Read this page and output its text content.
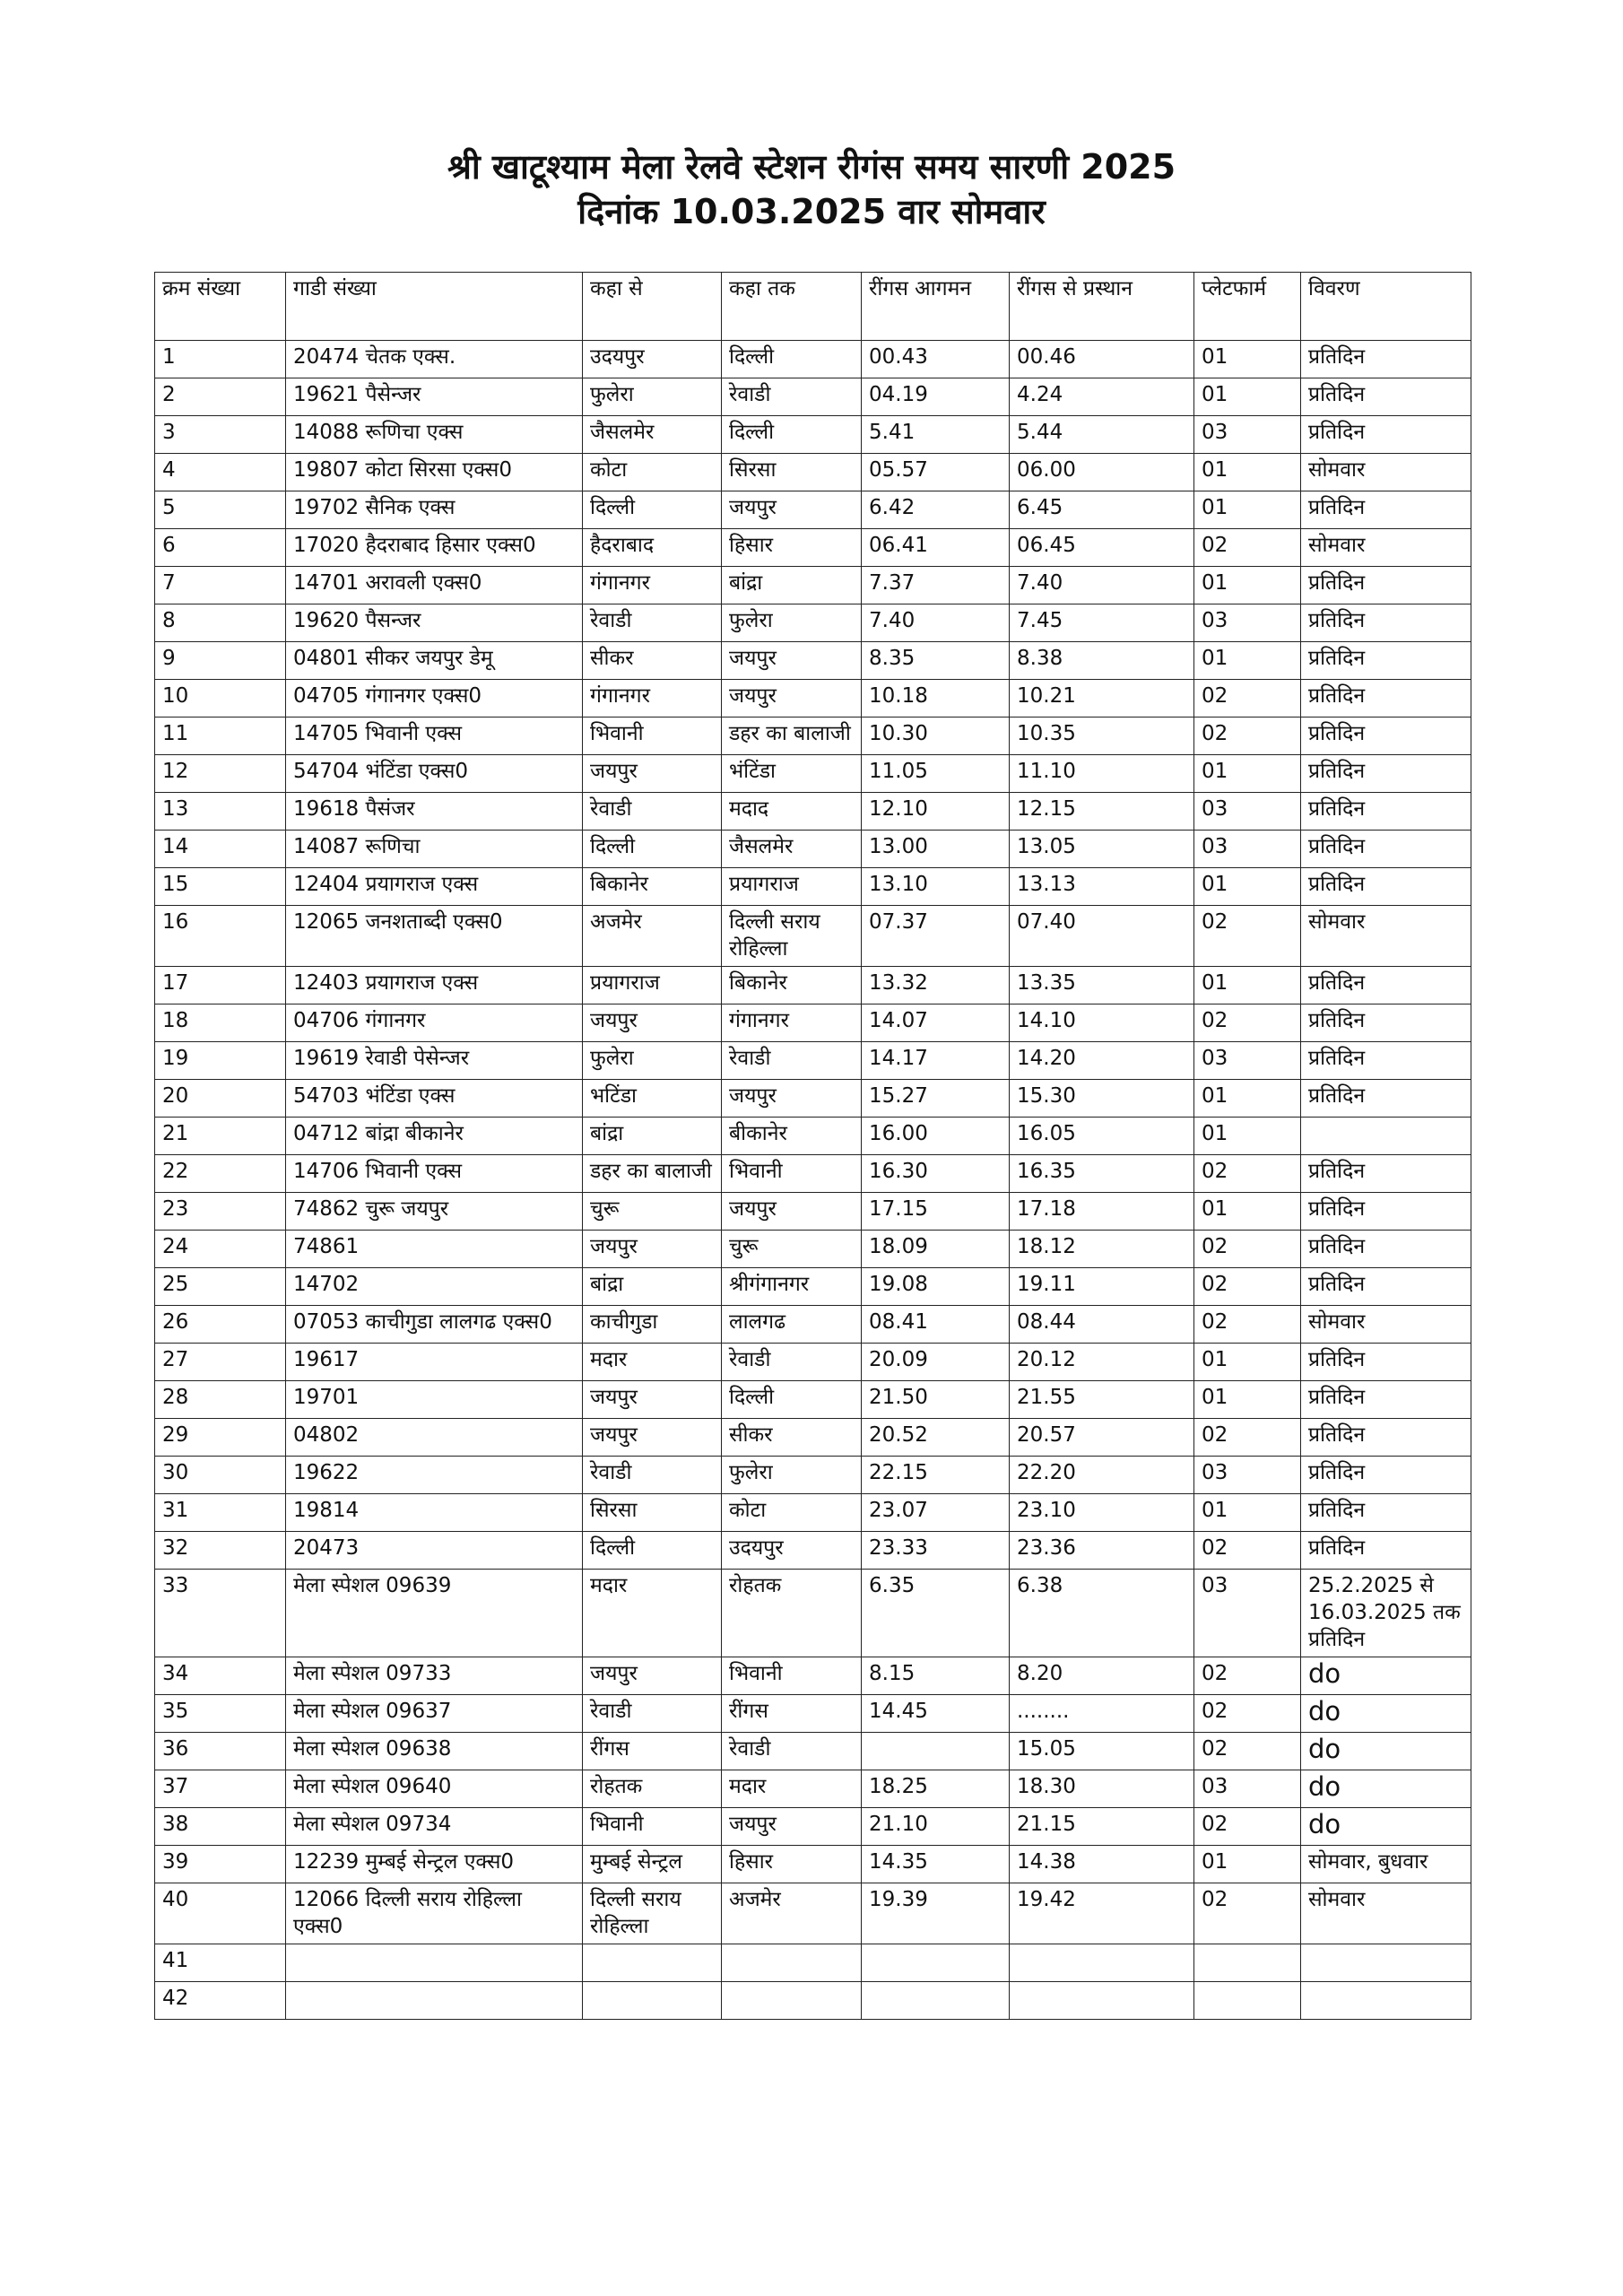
श्री खाटूश्याम मेला रेलवे स्टेशन रीगंस समय सारणी 2025
दिनांक 10.03.2025 वार सोमवार
क्रम संख्या	गाडी संख्या	कहा से	कहा तक	रींगस आगमन	रींगस से प्रस्थान	प्लेटफार्म	विवरण
1	20474 चेतक एक्स.	उदयपुर	दिल्ली	00.43	00.46	01	प्रतिदिन
2	19621 पैसेन्जर	फुलेरा	रेवाडी	04.19	4.24	01	प्रतिदिन
3	14088 रूणिचा एक्स	जैसलमेर	दिल्ली	5.41	5.44	03	प्रतिदिन
4	19807 कोटा सिरसा एक्स0	कोटा	सिरसा	05.57	06.00	01	सोमवार
5	19702 सैनिक एक्स	दिल्ली	जयपुर	6.42	6.45	01	प्रतिदिन
6	17020 हैदराबाद हिसार एक्स0	हैदराबाद	हिसार	06.41	06.45	02	सोमवार
7	14701 अरावली एक्स0	गंगानगर	बांद्रा	7.37	7.40	01	प्रतिदिन
8	19620 पैसन्जर	रेवाडी	फुलेरा	7.40	7.45	03	प्रतिदिन
9	04801 सीकर जयपुर डेमू	सीकर	जयपुर	8.35	8.38	01	प्रतिदिन
10	04705 गंगानगर एक्स0	गंगानगर	जयपुर	10.18	10.21	02	प्रतिदिन
11	14705 भिवानी एक्स	भिवानी	डहर का बालाजी	10.30	10.35	02	प्रतिदिन
12	54704 भंटिंडा एक्स0	जयपुर	भंटिंडा	11.05	11.10	01	प्रतिदिन
13	19618 पैसंजर	रेवाडी	मदाद	12.10	12.15	03	प्रतिदिन
14	14087 रूणिचा	दिल्ली	जैसलमेर	13.00	13.05	03	प्रतिदिन
15	12404 प्रयागराज एक्स	बिकानेर	प्रयागराज	13.10	13.13	01	प्रतिदिन
16	12065 जनशताब्दी एक्स0	अजमेर	दिल्ली सराय रोहिल्ला	07.37	07.40	02	सोमवार
17	12403 प्रयागराज एक्स	प्रयागराज	बिकानेर	13.32	13.35	01	प्रतिदिन
18	04706 गंगानगर	जयपुर	गंगानगर	14.07	14.10	02	प्रतिदिन
19	19619 रेवाडी पेसेन्जर	फुलेरा	रेवाडी	14.17	14.20	03	प्रतिदिन
20	54703 भंटिंडा एक्स	भटिंडा	जयपुर	15.27	15.30	01	प्रतिदिन
21	04712 बांद्रा बीकानेर	बांद्रा	बीकानेर	16.00	16.05	01	
22	14706 भिवानी एक्स	डहर का बालाजी	भिवानी	16.30	16.35	02	प्रतिदिन
23	74862 चुरू जयपुर	चुरू	जयपुर	17.15	17.18	01	प्रतिदिन
24	74861	जयपुर	चुरू	18.09	18.12	02	प्रतिदिन
25	14702	बांद्रा	श्रीगंगानगर	19.08	19.11	02	प्रतिदिन
26	07053 काचीगुडा लालगढ एक्स0	काचीगुडा	लालगढ	08.41	08.44	02	सोमवार
27	19617	मदार	रेवाडी	20.09	20.12	01	प्रतिदिन
28	19701	जयपुर	दिल्ली	21.50	21.55	01	प्रतिदिन
29	04802	जयपुर	सीकर	20.52	20.57	02	प्रतिदिन
30	19622	रेवाडी	फुलेरा	22.15	22.20	03	प्रतिदिन
31	19814	सिरसा	कोटा	23.07	23.10	01	प्रतिदिन
32	20473	दिल्ली	उदयपुर	23.33	23.36	02	प्रतिदिन
33	मेला स्पेशल 09639	मदार	रोहतक	6.35	6.38	03	25.2.2025 से 16.03.2025 तक प्रतिदिन
34	मेला स्पेशल 09733	जयपुर	भिवानी	8.15	8.20	02	do
35	मेला स्पेशल 09637	रेवाडी	रींगस	14.45	........	02	do
36	मेला स्पेशल 09638	रींगस	रेवाडी		15.05	02	do
37	मेला स्पेशल 09640	रोहतक	मदार	18.25	18.30	03	do
38	मेला स्पेशल 09734	भिवानी	जयपुर	21.10	21.15	02	do
39	12239 मुम्बई सेन्ट्रल एक्स0	मुम्बई सेन्ट्रल	हिसार	14.35	14.38	01	सोमवार, बुधवार
40	12066 दिल्ली सराय रोहिल्ला एक्स0	दिल्ली सराय रोहिल्ला	अजमेर	19.39	19.42	02	सोमवार
41							
42							
